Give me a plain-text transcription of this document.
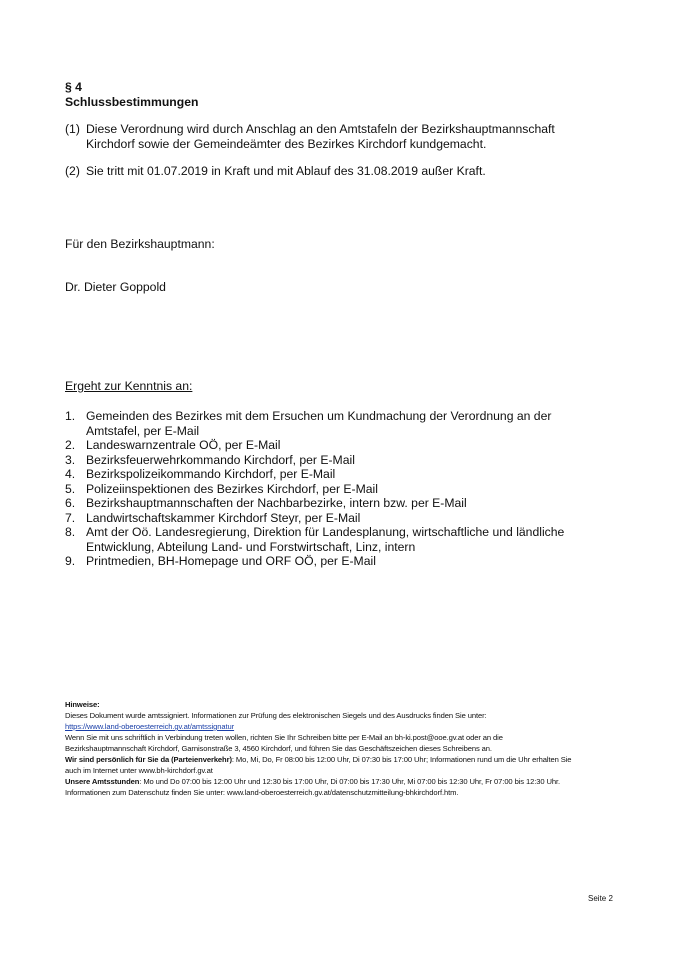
§ 4
Schlussbestimmungen
(1) Diese Verordnung wird durch Anschlag an den Amtstafeln der Bezirkshauptmannschaft
Kirchdorf sowie der Gemeindeämter des Bezirkes Kirchdorf kundgemacht.
(2) Sie tritt mit 01.07.2019 in Kraft und mit Ablauf des 31.08.2019 außer Kraft.
Für den Bezirkshauptmann:
Dr. Dieter Goppold
Ergeht zur Kenntnis an:
1. Gemeinden des Bezirkes mit dem Ersuchen um Kundmachung der Verordnung an der
Amtstafel, per E-Mail
2. Landeswarnzentrale OÖ, per E-Mail
3. Bezirksfeuerwehrkommando Kirchdorf, per E-Mail
4. Bezirkspolizeikommando Kirchdorf, per E-Mail
5. Polizeiinspektionen des Bezirkes Kirchdorf, per E-Mail
6. Bezirkshauptmannschaften der Nachbarbezirke, intern bzw. per E-Mail
7. Landwirtschaftskammer Kirchdorf Steyr, per E-Mail
8. Amt der Oö. Landesregierung, Direktion für Landesplanung, wirtschaftliche und ländliche
Entwicklung, Abteilung Land- und Forstwirtschaft, Linz, intern
9. Printmedien, BH-Homepage und ORF OÖ, per E-Mail
Hinweise:
Dieses Dokument wurde amtssigniert. Informationen zur Prüfung des elektronischen Siegels und des Ausdrucks finden Sie unter:
https://www.land-oberoesterreich.gv.at/amtssignatur
Wenn Sie mit uns schriftlich in Verbindung treten wollen, richten Sie Ihr Schreiben bitte per E-Mail an bh-ki.post@ooe.gv.at oder an die
Bezirkshauptmannschaft Kirchdorf, Garnisonstraße 3, 4560 Kirchdorf, und führen Sie das Geschäftszeichen dieses Schreibens an.
Wir sind persönlich für Sie da (Parteienverkehr): Mo, Mi, Do, Fr 08:00 bis 12:00 Uhr, Di 07:30 bis 17:00 Uhr; Informationen rund um die Uhr erhalten Sie
auch im Internet unter www.bh-kirchdorf.gv.at
Unsere Amtsstunden: Mo und Do 07:00 bis 12:00 Uhr und 12:30 bis 17:00 Uhr, Di 07:00 bis 17:30 Uhr, Mi 07:00 bis 12:30 Uhr, Fr 07:00 bis 12:30 Uhr.
Informationen zum Datenschutz finden Sie unter: www.land-oberoesterreich.gv.at/datenschutzmitteilung-bhkirchdorf.htm.
Seite 2
